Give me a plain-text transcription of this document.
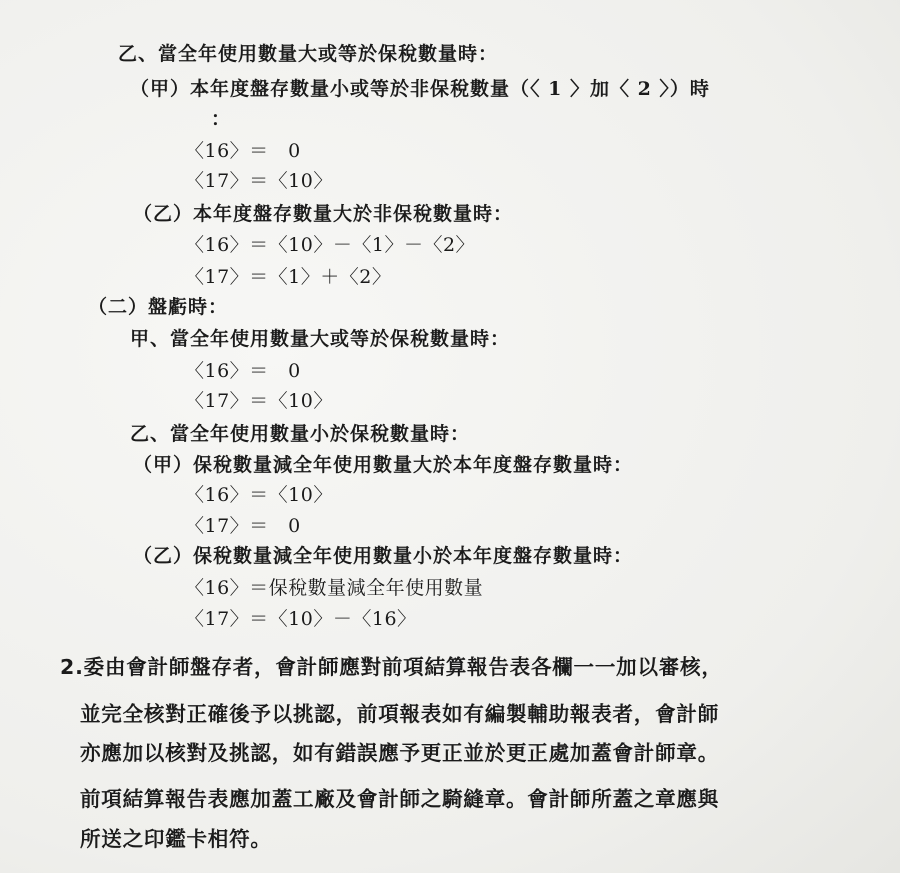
乙、當全年使用數量大或等於保稅數量時：
（甲）本年度盤存數量小或等於非保稅數量（〈 1 〉加〈 2 〉）時
：
〈16〉＝　0
〈17〉＝〈10〉
（乙）本年度盤存數量大於非保稅數量時：
〈16〉＝〈10〉－〈1〉－〈2〉
〈17〉＝〈1〉＋〈2〉
（二）盤虧時：
甲、當全年使用數量大或等於保稅數量時：
〈16〉＝　0
〈17〉＝〈10〉
乙、當全年使用數量小於保稅數量時：
（甲）保稅數量減全年使用數量大於本年度盤存數量時：
〈16〉＝〈10〉
〈17〉＝　0
（乙）保稅數量減全年使用數量小於本年度盤存數量時：
〈16〉＝保稅數量減全年使用數量
〈17〉＝〈10〉－〈16〉
2.委由會計師盤存者，會計師應對前項結算報告表各欄一一加以審核，
並完全核對正確後予以挑認，前項報表如有編製輔助報表者，會計師
亦應加以核對及挑認，如有錯誤應予更正並於更正處加蓋會計師章。
前項結算報告表應加蓋工廠及會計師之騎縫章。會計師所蓋之章應與
所送之印鑑卡相符。
